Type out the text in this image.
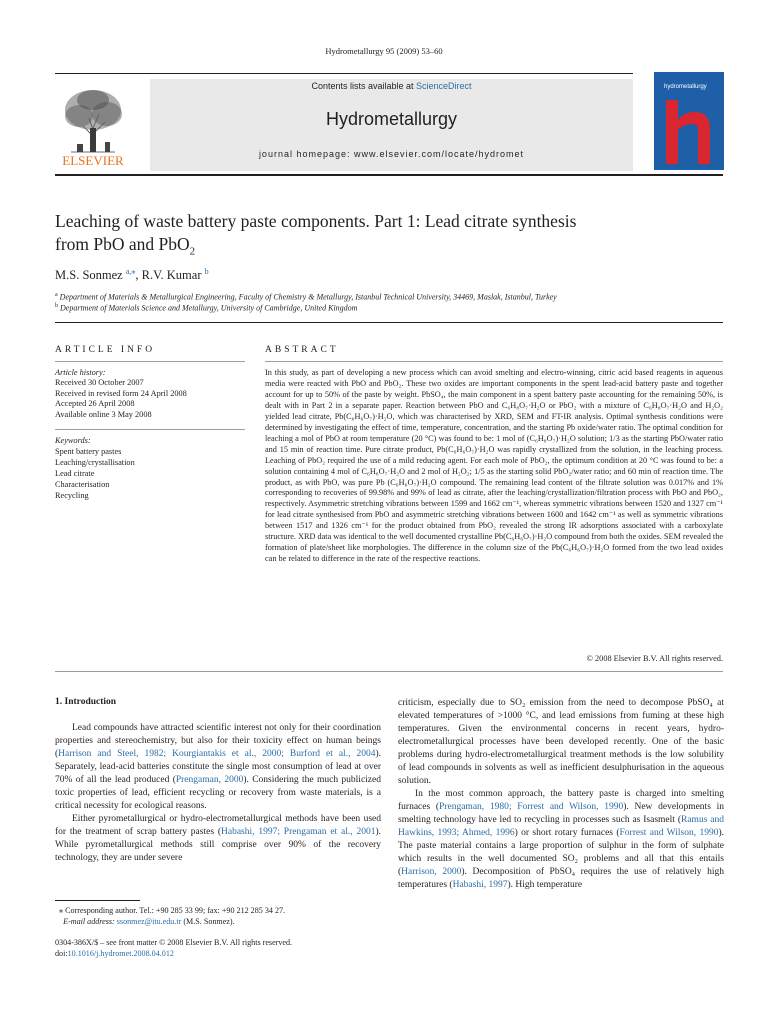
Hydrometallurgy 95 (2009) 53–60
ELSEVIER
Contents lists available at ScienceDirect
Hydrometallurgy
journal homepage: www.elsevier.com/locate/hydromet
hydrometallurgy
Leaching of waste battery paste components. Part 1: Lead citrate synthesis
from PbO and PbO$_2$
M.S. Sonmez $^{a,⁎}$, R.V. Kumar $^b$
$^a$ Department of Materials & Metallurgical Engineering, Faculty of Chemistry & Metallurgy, Istanbul Technical University, 34469, Maslak, Istanbul, Turkey
$^b$ Department of Materials Science and Metallurgy, University of Cambridge, United Kingdom
ARTICLE INFO	ABSTRACT
Article history:
Received 30 October 2007
Received in revised form 24 April 2008
Accepted 26 April 2008
Available online 3 May 2008
Keywords:
Spent battery pastes
Leaching/crystallisation
Lead citrate
Characterisation
Recycling
In this study, as part of developing a new process which can avoid smelting and electro-winning, citric acid based reagents in aqueous media were reacted with PbO and PbO₂. These two oxides are important components in the spent lead-acid battery paste and together account for up to 50% of the paste by weight. PbSO₄, the main component in a spent battery paste accounting for the remaining 50%, is dealt with in Part 2 in a separate paper. Reaction between PbO and C₆H₈O₇·H₂O or PbO₂ with a mixture of C₆H₈O₇·H₂O and H₂O₂ yielded lead citrate, Pb(C₆H₆O₇)·H₂O, which was characterised by XRD, SEM and FT-IR analysis. Optimal synthesis conditions were determined by investigating the effect of time, temperature, concentration, and the starting Pb oxide/water ratio. The optimal condition for leaching a mol of PbO at room temperature (20 °C) was found to be: 1 mol of (C₆H₈O₇)·H₂O solution; 1/3 as the starting PbO/water ratio and 15 min of reaction time. Pure citrate product, Pb(C₆H₆O₇)·H₂O was rapidly crystallized from the solution, in the leaching process. Leaching of PbO₂ required the use of a mild reducing agent. For each mole of PbO₂, the optimum condition at 20 °C was found to be: a solution containing 4 mol of C₆H₈O₇·H₂O and 2 mol of H₂O₂; 1/5 as the starting solid PbO₂/water ratio; and 60 min of reaction time. The product, as with PbO, was pure Pb (C₆H₆O₇)·H₂O compound. The remaining lead content of the filtrate solution was 0.017% and 1% corresponding to recoveries of 99.98% and 99% of lead as citrate, after the leaching/crystallization/filtration process with PbO and PbO₂, respectively. Asymmetric stretching vibrations between 1599 and 1662 cm⁻¹, whereas symmetric vibrations between 1520 and 1327 cm⁻¹ for lead citrate synthesised from PbO and asymmetric stretching vibrations between 1600 and 1642 cm⁻¹ as well as symmetric vibrations between 1517 and 1326 cm⁻¹ for the product obtained from PbO₂ revealed the strong IR adsorptions associated with a carboxylate structure. XRD data was identical to the well documented crystalline Pb(C₆H₆O₇)·H₂O compound from both the oxides. SEM revealed the formation of plate/sheet like morphologies. The difference in the column size of the Pb(C₆H₆O₇)·H₂O formed from the two lead oxides can be related to difference in the rate of the respective reactions.
© 2008 Elsevier B.V. All rights reserved.
1. Introduction

Lead compounds have attracted scientific interest not only for their coordination properties and stereochemistry, but also for their toxicity effect on human beings (Harrison and Steel, 1982; Kourgiantakis et al., 2000; Burford et al., 2004). Separately, lead-acid batteries constitute the single most consumption of lead at over 70% of all the lead produced (Prengaman, 2000). Considering the much publicized toxic properties of lead, efficient recycling or recovery from waste materials, is a critical necessity for ecological reasons.

Either pyrometallurgical or hydro-electrometallurgical methods have been used for the treatment of scrap battery pastes (Habashi, 1997; Prengaman et al., 2001). While pyrometallurgical methods still comprise over 90% of the recovery technology, they are under severe

criticism, especially due to SO₂ emission from the need to decompose PbSO₄ at elevated temperatures of >1000 °C, and lead emissions from fuming at these high temperatures. Given the environmental concerns in recent years, hydro-electrometallurgical processes have been developed recently. One of the basic problems during hydro-electrometallurgical treatment methods is the low solubility of lead compounds in solvents as well as inefficient desulphurisation in the aqueous solution.

In the most common approach, the battery paste is charged into smelting furnaces (Prengaman, 1980; Forrest and Wilson, 1990). New developments in smelting technology have led to recycling in processes such as Isasmelt (Ramus and Hawkins, 1993; Ahmed, 1996) or short rotary furnaces (Forrest and Wilson, 1990). The paste material contains a large proportion of sulphur in the form of sulphate which results in the well documented SO₂ problems and all that this entails (Harrison, 2000). Decomposition of PbSO₄ requires the use of relatively high temperatures (Habashi, 1997). High temperature

⁎ Corresponding author. Tel.: +90 285 33 99; fax: +90 212 285 34 27.
E-mail address: ssonmez@itu.edu.tr (M.S. Sonmez).
0304-386X/$ – see front matter © 2008 Elsevier B.V. All rights reserved.
doi:10.1016/j.hydromet.2008.04.012
